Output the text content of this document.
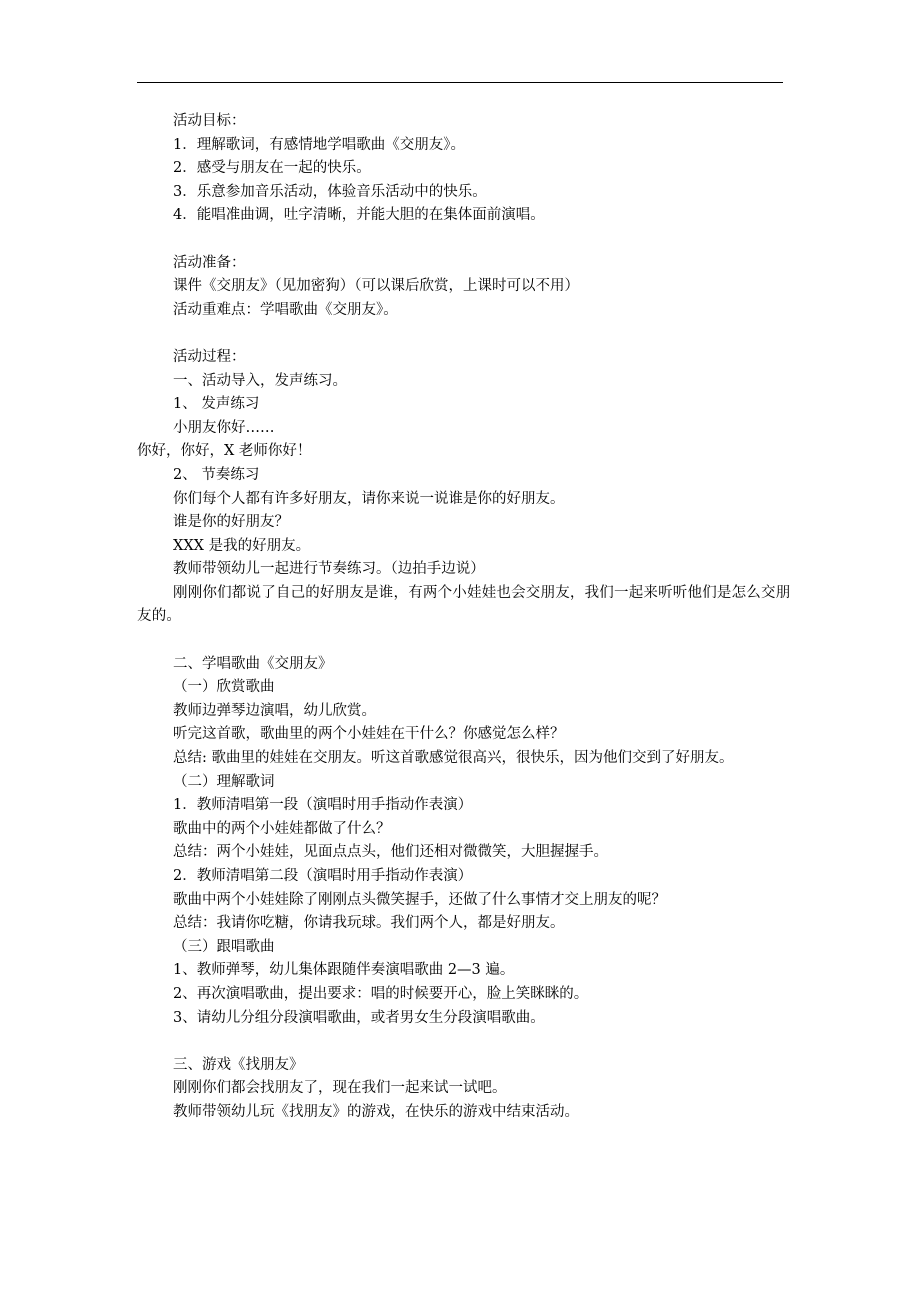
活动目标：

1．理解歌词，有感情地学唱歌曲《交朋友》。

2．感受与朋友在一起的快乐。

3．乐意参加音乐活动，体验音乐活动中的快乐。

4．能唱准曲调，吐字清晰，并能大胆的在集体面前演唱。

活动准备：

课件《交朋友》（见加密狗）（可以课后欣赏，上课时可以不用）

活动重难点：学唱歌曲《交朋友》。

活动过程：

一、活动导入，发声练习。

1、 发声练习

小朋友你好……

你好，你好，X 老师你好！

2、 节奏练习

你们每个人都有许多好朋友，请你来说一说谁是你的好朋友。

谁是你的好朋友？

XXX 是我的好朋友。

教师带领幼儿一起进行节奏练习。（边拍手边说）

刚刚你们都说了自己的好朋友是谁，有两个小娃娃也会交朋友，我们一起来听听他们是怎么交朋友的。

二、学唱歌曲《交朋友》

（一）欣赏歌曲

教师边弹琴边演唱，幼儿欣赏。

听完这首歌，歌曲里的两个小娃娃在干什么？你感觉怎么样？

总结: 歌曲里的娃娃在交朋友。听这首歌感觉很高兴，很快乐，因为他们交到了好朋友。

（二）理解歌词

1．教师清唱第一段（演唱时用手指动作表演）

歌曲中的两个小娃娃都做了什么？

总结：两个小娃娃，见面点点头，他们还相对微微笑，大胆握握手。

2．教师清唱第二段（演唱时用手指动作表演）

歌曲中两个小娃娃除了刚刚点头微笑握手，还做了什么事情才交上朋友的呢？

总结：我请你吃糖，你请我玩球。我们两个人，都是好朋友。

（三）跟唱歌曲

1、教师弹琴，幼儿集体跟随伴奏演唱歌曲 2—3 遍。

2、再次演唱歌曲，提出要求：唱的时候要开心，脸上笑眯眯的。

3、请幼儿分组分段演唱歌曲，或者男女生分段演唱歌曲。

三、游戏《找朋友》

刚刚你们都会找朋友了，现在我们一起来试一试吧。

教师带领幼儿玩《找朋友》的游戏，在快乐的游戏中结束活动。
